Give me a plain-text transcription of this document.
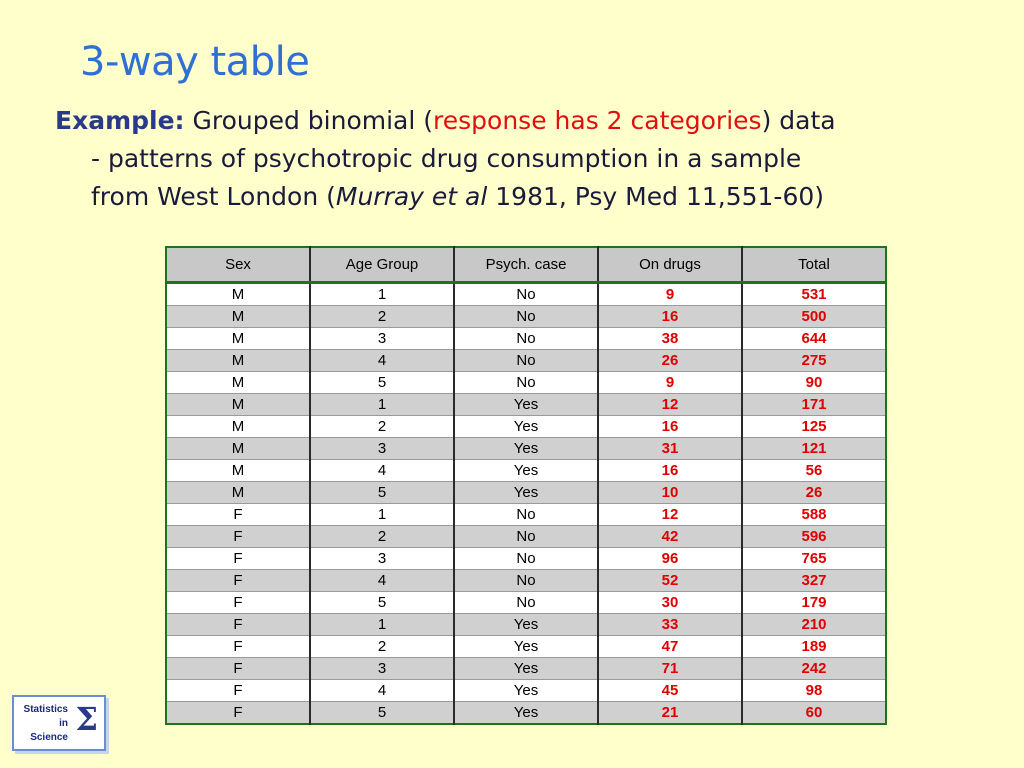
3-way table
Example: Grouped binomial (response has 2 categories) data
- patterns of psychotropic drug consumption in a sample
from West London (Murray et al 1981, Psy Med 11,551-60)
Sex	Age Group	Psych. case	On drugs	Total
M	1	No	9	531
M	2	No	16	500
M	3	No	38	644
M	4	No	26	275
M	5	No	9	90
M	1	Yes	12	171
M	2	Yes	16	125
M	3	Yes	31	121
M	4	Yes	16	56
M	5	Yes	10	26
F	1	No	12	588
F	2	No	42	596
F	3	No	96	765
F	4	No	52	327
F	5	No	30	179
F	1	Yes	33	210
F	2	Yes	47	189
F	3	Yes	71	242
F	4	Yes	45	98
F	5	Yes	21	60
Statistics
in
Science Σ
